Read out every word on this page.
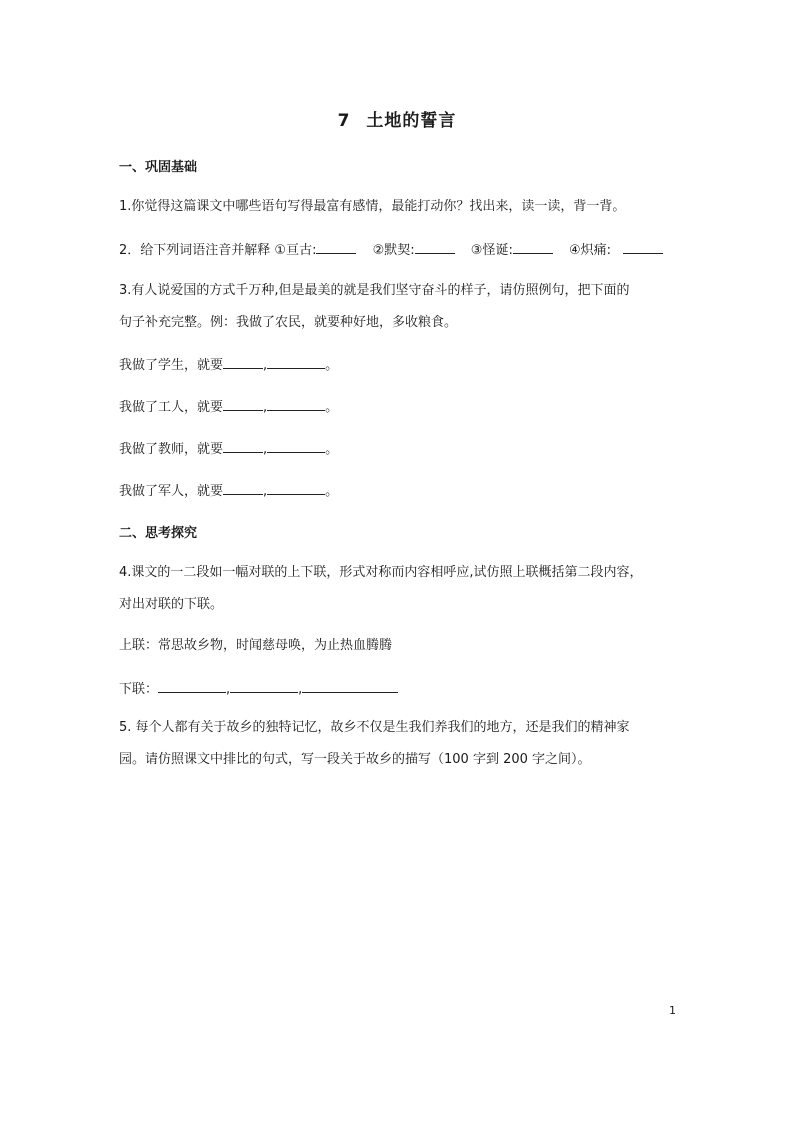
7 土地的誓言
一、巩固基础
1.你觉得这篇课文中哪些语句写得最富有感情，最能打动你？找出来，读一读，背一背。
2．给下列词语注音并解释 ①亘古:	②默契:	③怪诞:	④炽痛:
3.有人说爱国的方式千万种,但是最美的就是我们坚守奋斗的样子，请仿照例句，把下面的
句子补充完整。例：我做了农民，就要种好地，多收粮食。
我做了学生，就要	,	。
我做了工人，就要	,	。
我做了教师，就要	,	。
我做了军人，就要	,	。
二、思考探究
4.课文的一二段如一幅对联的上下联，形式对称而内容相呼应,试仿照上联概括第二段内容，
对出对联的下联。
上联：常思故乡物，时闻慈母唤，为止热血腾腾
下联：	,	,
5. 每个人都有关于故乡的独特记忆，故乡不仅是生我们养我们的地方，还是我们的精神家
园。请仿照课文中排比的句式，写一段关于故乡的描写（100 字到 200 字之间）。
1
